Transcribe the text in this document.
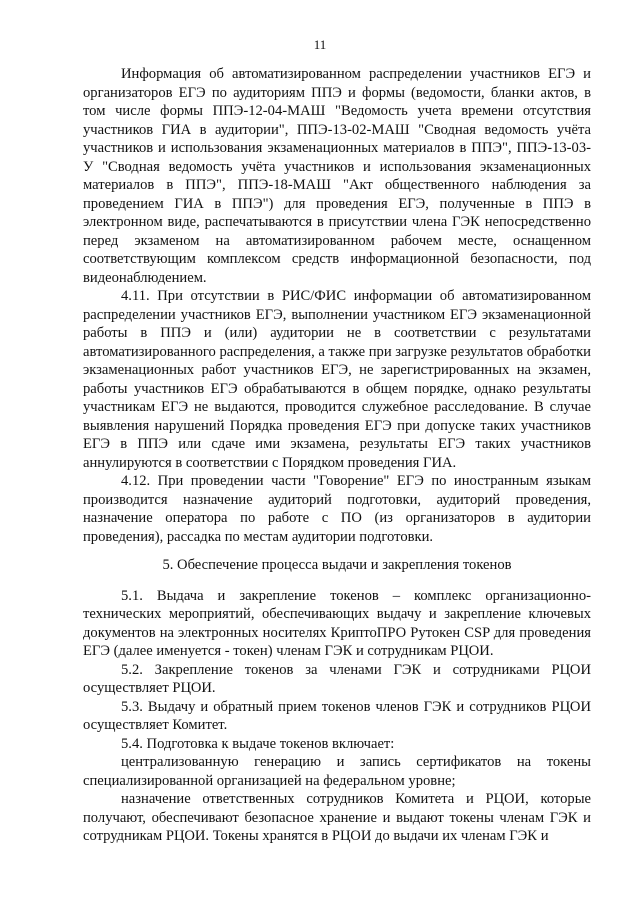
11

Информация об автоматизированном распределении участников ЕГЭ и организаторов ЕГЭ по аудиториям ППЭ и формы (ведомости, бланки актов, в том числе формы ППЭ-12-04-МАШ "Ведомость учета времени отсутствия участников ГИА в аудитории", ППЭ-13-02-МАШ "Сводная ведомость учёта участников и использования экзаменационных материалов в ППЭ", ППЭ-13-03-У "Сводная ведомость учёта участников и использования экзаменационных материалов в ППЭ", ППЭ-18-МАШ "Акт общественного наблюдения за проведением ГИА в ППЭ") для проведения ЕГЭ, полученные в ППЭ в электронном виде, распечатываются в присутствии члена ГЭК непосредственно перед экзаменом на автоматизированном рабочем месте, оснащенном соответствующим комплексом средств информационной безопасности, под видеонаблюдением.

4.11. При отсутствии в РИС/ФИС информации об автоматизированном распределении участников ЕГЭ, выполнении участником ЕГЭ экзаменационной работы в ППЭ и (или) аудитории не в соответствии с результатами автоматизированного распределения, а также при загрузке результатов обработки экзаменационных работ участников ЕГЭ, не зарегистрированных на экзамен, работы участников ЕГЭ обрабатываются в общем порядке, однако результаты участникам ЕГЭ не выдаются, проводится служебное расследование. В случае выявления нарушений Порядка проведения ЕГЭ при допуске таких участников ЕГЭ в ППЭ или сдаче ими экзамена, результаты ЕГЭ таких участников аннулируются в соответствии с Порядком проведения ГИА.

4.12. При проведении части "Говорение" ЕГЭ по иностранным языкам производится назначение аудиторий подготовки, аудиторий проведения, назначение оператора по работе с ПО (из организаторов в аудитории проведения), рассадка по местам аудитории подготовки.

5. Обеспечение процесса выдачи и закрепления токенов

5.1. Выдача и закрепление токенов – комплекс организационно-технических мероприятий, обеспечивающих выдачу и закрепление ключевых документов на электронных носителях КриптоПРО Рутокен CSP для проведения ЕГЭ (далее именуется - токен) членам ГЭК и сотрудникам РЦОИ.

5.2. Закрепление токенов за членами ГЭК и сотрудниками РЦОИ осуществляет РЦОИ.

5.3. Выдачу и обратный прием токенов членов ГЭК и сотрудников РЦОИ осуществляет Комитет.

5.4. Подготовка к выдаче токенов включает:

централизованную генерацию и запись сертификатов на токены специализированной организацией на федеральном уровне;

назначение ответственных сотрудников Комитета и РЦОИ, которые получают, обеспечивают безопасное хранение и выдают токены членам ГЭК и сотрудникам РЦОИ. Токены хранятся в РЦОИ до выдачи их членам ГЭК и
